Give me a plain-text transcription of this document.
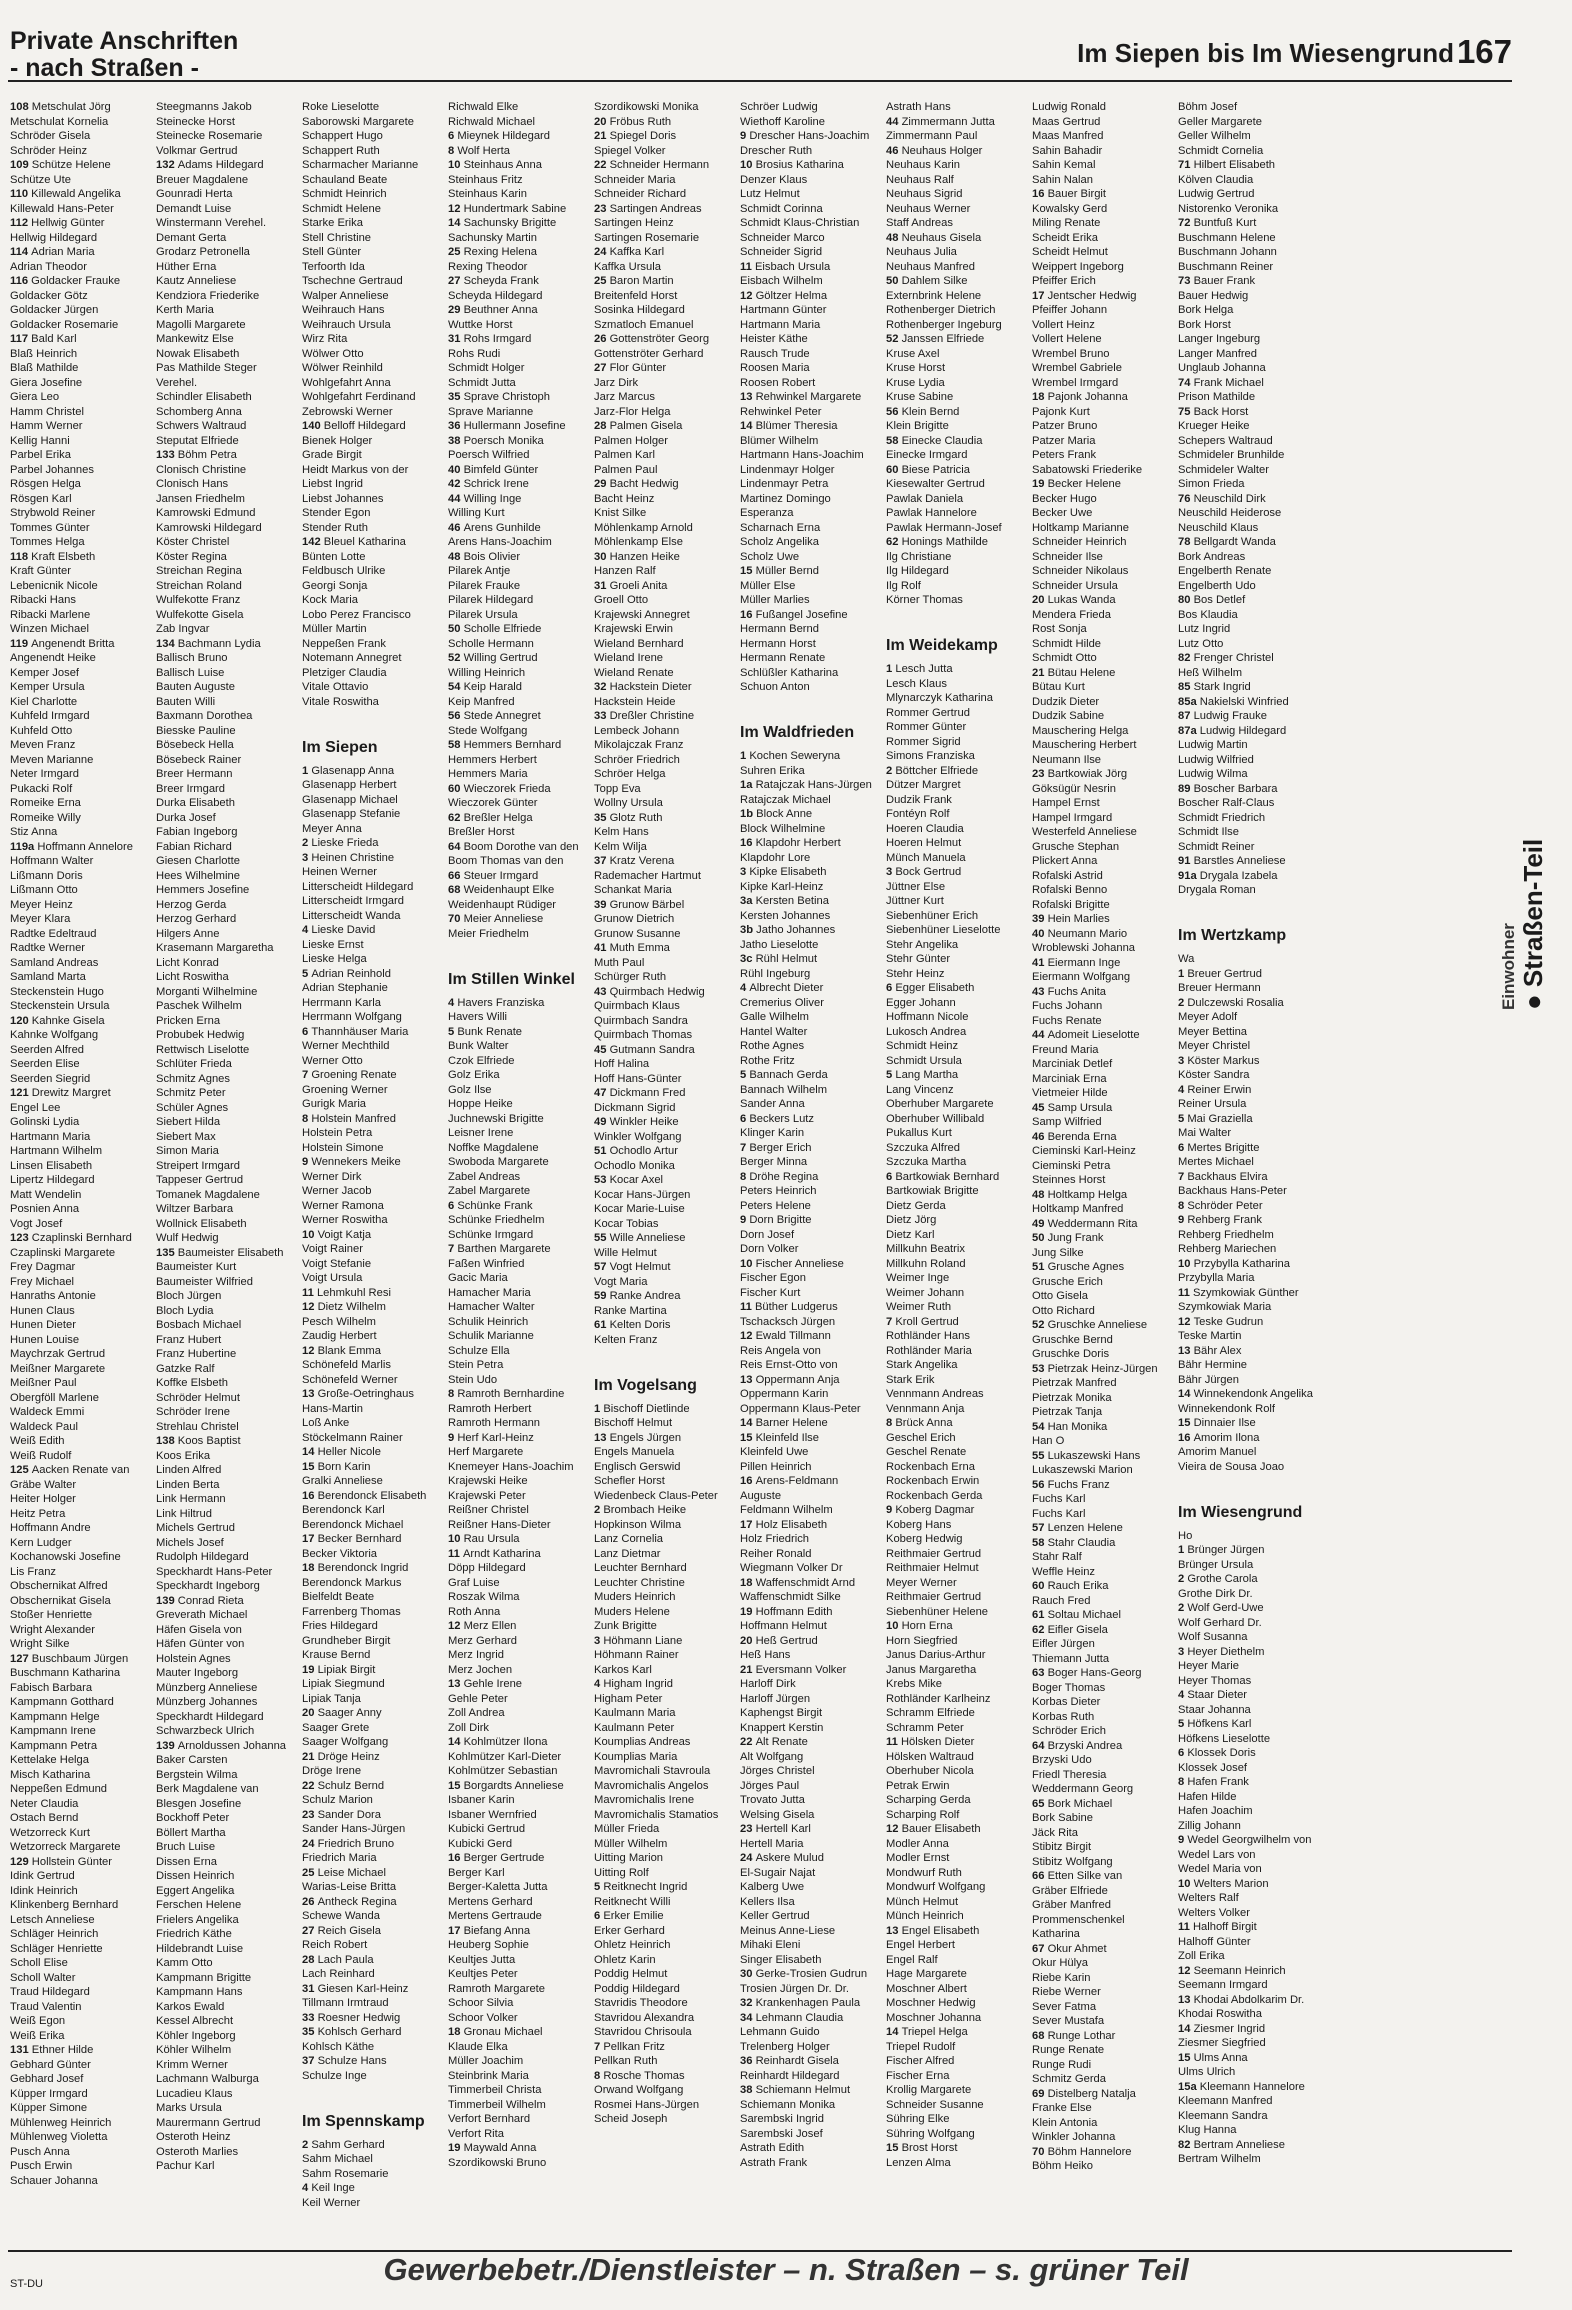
Private Anschriften
- nach Straßen -	Im Siepen bis Im Wiesengrund 167
108 Metschulat Jörg
Metschulat Kornelia
Schröder Gisela
Schröder Heinz
109 Schütze Helene
Schütze Ute
110 Killewald Angelika
Killewald Hans-Peter
112 Hellwig Günter
Hellwig Hildegard
114 Adrian Maria
Adrian Theodor
116 Goldacker Frauke
Goldacker Götz
Goldacker Jürgen
Goldacker Rosemarie
117 Bald Karl
Blaß Heinrich
Blaß Mathilde
Giera Josefine
Giera Leo
Hamm Christel
Hamm Werner
Kellig Hanni
Parbel Erika
Parbel Johannes
Rösgen Helga
Rösgen Karl
Strybwold Reiner
Tommes Günter
Tommes Helga
118 Kraft Elsbeth
Kraft Günter
Lebenicnik Nicole
Ribacki Hans
Ribacki Marlene
Winzen Michael
119 Angenendt Britta
Angenendt Heike
Kemper Josef
Kemper Ursula
Kiel Charlotte
Kuhfeld Irmgard
Kuhfeld Otto
Meven Franz
Meven Marianne
Neter Irmgard
Pukacki Rolf
Romeike Erna
Romeike Willy
Stiz Anna
119a Hoffmann Annelore
Hoffmann Walter
Lißmann Doris
Lißmann Otto
Meyer Heinz
Meyer Klara
Radtke Edeltraud
Radtke Werner
Samland Andreas
Samland Marta
Steckenstein Hugo
Steckenstein Ursula
120 Kahnke Gisela
Kahnke Wolfgang
Seerden Alfred
Seerden Elise
Seerden Siegrid
121 Drewitz Margret
Engel Lee
Golinski Lydia
Hartmann Maria
Hartmann Wilhelm
Linsen Elisabeth
Lipertz Hildegard
Matt Wendelin
Posnien Anna
Vogt Josef
123 Czaplinski Bernhard
Czaplinski Margarete
Frey Dagmar
Frey Michael
Hanraths Antonie
Hunen Claus
Hunen Dieter
Hunen Louise
Maychrzak Gertrud
Meißner Margarete
Meißner Paul
Obergföll Marlene
Waldeck Emmi
Waldeck Paul
Weiß Edith
Weiß Rudolf
125 Aacken Renate van
Gräbe Walter
Heiter Holger
Heitz Petra
Hoffmann Andre
Kern Ludger
Kochanowski Josefine
Lis Franz
Obschernikat Alfred
Obschernikat Gisela
Stoßer Henriette
Wright Alexander
Wright Silke
127 Buschbaum Jürgen
Buschmann Katharina
Fabisch Barbara
Kampmann Gotthard
Kampmann Helge
Kampmann Irene
Kampmann Petra
Kettelake Helga
Misch Katharina
Neppeßen Edmund
Neter Claudia
Ostach Bernd
Wetzorreck Kurt
Wetzorreck Margarete
129 Hollstein Günter
Idink Gertrud
Idink Heinrich
Klinkenberg Bernhard
Letsch Anneliese
Schläger Heinrich
Schläger Henriette
Scholl Elise
Scholl Walter
Traud Hildegard
Traud Valentin
Weiß Egon
Weiß Erika
131 Ethner Hilde
Gebhard Günter
Gebhard Josef
Küpper Irmgard
Küpper Simone
Mühlenweg Heinrich
Mühlenweg Violetta
Pusch Anna
Pusch Erwin
Schauer Johanna
Steegmanns Jakob
Steinecke Horst
Steinecke Rosemarie
Volkmar Gertrud
132 Adams Hildegard
Breuer Magdalene
Gounradi Herta
Demandt Luise
Winstermann Verehel.
Demant Gerta
Grodarz Petronella
Hüther Erna
Kautz Anneliese
Kendziora Friederike
Kerth Maria
Magolli Margarete
Mankewitz Else
Nowak Elisabeth
Pas Mathilde Steger
Verehel.
Schindler Elisabeth
Schomberg Anna
Schwers Waltraud
Steputat Elfriede
133 Böhm Petra
Clonisch Christine
Clonisch Hans
Jansen Friedhelm
Kamrowski Edmund
Kamrowski Hildegard
Köster Christel
Köster Regina
Streichan Regina
Streichan Roland
Wulfekotte Franz
Wulfekotte Gisela
Zab Ingvar
134 Bachmann Lydia
Ballisch Bruno
Ballisch Luise
Bauten Auguste
Bauten Willi
Baxmann Dorothea
Biesske Pauline
Bösebeck Hella
Bösebeck Rainer
Breer Hermann
Breer Irmgard
Durka Elisabeth
Durka Josef
Fabian Ingeborg
Fabian Richard
Giesen Charlotte
Hees Wilhelmine
Hemmers Josefine
Herzog Gerda
Herzog Gerhard
Hilgers Anne
Krasemann Margaretha
Licht Konrad
Licht Roswitha
Morganti Wilhelmine
Paschek Wilhelm
Pricken Erna
Probubek Hedwig
Rettwisch Liselotte
Schlüter Frieda
Schmitz Agnes
Schmitz Peter
Schüler Agnes
Siebert Hilda
Siebert Max
Simon Maria
Streipert Irmgard
Tappeser Gertrud
Tomanek Magdalene
Wiltzer Barbara
Wollnick Elisabeth
Wulf Hedwig
135 Baumeister Elisabeth
Baumeister Kurt
Baumeister Wilfried
Bloch Jürgen
Bloch Lydia
Bosbach Michael
Franz Hubert
Franz Hubertine
Gatzke Ralf
Koffke Elsbeth
Schröder Helmut
Schröder Irene
Strehlau Christel
138 Koos Baptist
Koos Erika
Linden Alfred
Linden Berta
Link Hermann
Link Hiltrud
Michels Gertrud
Michels Josef
Rudolph Hildegard
Speckhardt Hans-Peter
Speckhardt Ingeborg
139 Conrad Rieta
Greverath Michael
Häfen Gisela von
Häfen Günter von
Holstein Agnes
Mauter Ingeborg
Münzberg Anneliese
Münzberg Johannes
Speckhardt Hildegard
Schwarzbeck Ulrich
139 Arnoldussen Johanna
Baker Carsten
Bergstein Wilma
Berk Magdalene van
Blesgen Josefine
Bockhoff Peter
Böllert Martha
Bruch Luise
Dissen Erna
Dissen Heinrich
Eggert Angelika
Ferschen Helene
Frielers Angelika
Friedrich Käthe
Hildebrandt Luise
Kamm Otto
Kampmann Brigitte
Kampmann Hans
Karkos Ewald
Kessel Albrecht
Köhler Ingeborg
Köhler Wilhelm
Krimm Werner
Lachmann Walburga
Lucadieu Klaus
Marks Ursula
Maurermann Gertrud
Osteroth Heinz
Osteroth Marlies
Pachur Karl
Roke Lieselotte
Saborowski Margarete
Schappert Hugo
Schappert Ruth
Scharmacher Marianne
Schauland Beate
Schmidt Heinrich
Schmidt Helene
Starke Erika
Stell Christine
Stell Günter
Terfoorth Ida
Tschechne Gertraud
Walper Anneliese
Weihrauch Hans
Weihrauch Ursula
Wirz Rita
Wölwer Otto
Wölwer Reinhild
Wohlgefahrt Anna
Wohlgefahrt Ferdinand
Zebrowski Werner
140 Belloff Hildegard
Bienek Holger
Grade Birgit
Heidt Markus von der
Liebst Ingrid
Liebst Johannes
Stender Egon
Stender Ruth
142 Bleuel Katharina
Bünten Lotte
Feldbusch Ulrike
Georgi Sonja
Kock Maria
Lobo Perez Francisco
Müller Martin
Neppeßen Frank
Notemann Annegret
Pletziger Claudia
Vitale Ottavio
Vitale Roswitha

Im Siepen
1 Glasenapp Anna
Glasenapp Herbert
Glasenapp Michael
Glasenapp Stefanie
Meyer Anna
2 Lieske Frieda
3 Heinen Christine
Heinen Werner
Litterscheidt Hildegard
Litterscheidt Irmgard
Litterscheidt Wanda
4 Lieske David
Lieske Ernst
Lieske Helga
5 Adrian Reinhold
Adrian Stephanie
Herrmann Karla
Herrmann Wolfgang
6 Thannhäuser Maria
Werner Mechthild
Werner Otto
7 Groening Renate
Groening Werner
Gurigk Maria
8 Holstein Manfred
Holstein Petra
Holstein Simone
9 Wennekers Meike
Werner Dirk
Werner Jacob
Werner Ramona
Werner Roswitha
10 Voigt Katja
Voigt Rainer
Voigt Stefanie
Voigt Ursula
11 Lehmkuhl Resi
12 Dietz Wilhelm
Pesch Wilhelm
Zaudig Herbert
12 Blank Emma
Schönefeld Marlis
Schönefeld Werner
13 Große-Oetringhaus
Hans-Martin
Loß Anke
Stöckelmann Rainer
14 Heller Nicole
15 Born Karin
Gralki Anneliese
16 Berendonck Elisabeth
Berendonck Karl
Berendonck Michael
17 Becker Bernhard
Becker Viktoria
18 Berendonck Ingrid
Berendonck Markus
Bielfeldt Beate
Farrenberg Thomas
Fries Hildegard
Grundheber Birgit
Krause Bernd
19 Lipiak Birgit
Lipiak Siegmund
Lipiak Tanja
20 Saager Anny
Saager Grete
Saager Wolfgang
21 Dröge Heinz
Dröge Irene
22 Schulz Bernd
Schulz Marion
23 Sander Dora
Sander Hans-Jürgen
24 Friedrich Bruno
Friedrich Maria
25 Leise Michael
Warias-Leise Britta
26 Antheck Regina
Schewe Wanda
27 Reich Gisela
Reich Robert
28 Lach Paula
Lach Reinhard
31 Giesen Karl-Heinz
Tillmann Irmtraud
33 Roesner Hedwig
35 Kohlsch Gerhard
Kohlsch Käthe
37 Schulze Hans
Schulze Inge

Im Spennskamp
2 Sahm Gerhard
Sahm Michael
Sahm Rosemarie
4 Keil Inge
Keil Werner
Richwald Elke
Richwald Michael
6 Mieynek Hildegard
8 Wolf Herta
10 Steinhaus Anna
Steinhaus Fritz
Steinhaus Karin
12 Hundertmark Sabine
14 Sachunsky Brigitte
Sachunsky Martin
25 Rexing Helena
Rexing Theodor
27 Scheyda Frank
Scheyda Hildegard
29 Beuthner Anna
Wuttke Horst
31 Rohs Irmgard
Rohs Rudi
Schmidt Holger
Schmidt Jutta
35 Sprave Christoph
Sprave Marianne
36 Hullermann Josefine
38 Poersch Monika
Poersch Wilfried
40 Bimfeld Günter
42 Schrick Irene
44 Willing Inge
Willing Kurt
46 Arens Gunhilde
Arens Hans-Joachim
48 Bois Olivier
Pilarek Antje
Pilarek Frauke
Pilarek Hildegard
Pilarek Ursula
50 Scholle Elfriede
Scholle Hermann
52 Willing Gertrud
Willing Heinrich
54 Keip Harald
Keip Manfred
56 Stede Annegret
Stede Wolfgang
58 Hemmers Bernhard
Hemmers Herbert
Hemmers Maria
60 Wieczorek Frieda
Wieczorek Günter
62 Breßler Helga
Breßler Horst
64 Boom Dorothe van den
Boom Thomas van den
66 Steuer Irmgard
68 Weidenhaupt Elke
Weidenhaupt Rüdiger
70 Meier Anneliese
Meier Friedhelm

Im Stillen Winkel
4 Havers Franziska
Havers Willi
5 Bunk Renate
Bunk Walter
Czok Elfriede
Golz Erika
Golz Ilse
Hoppe Heike
Juchnewski Brigitte
Leisner Irene
Noffke Magdalene
Swoboda Margarete
Zabel Andreas
Zabel Margarete
6 Schünke Frank
Schünke Friedhelm
Schünke Irmgard
7 Barthen Margarete
Faßen Winfried
Gacic Maria
Hamacher Maria
Hamacher Walter
Schulik Heinrich
Schulik Marianne
Schulze Ella
Stein Petra
Stein Udo
8 Ramroth Bernhardine
Ramroth Herbert
Ramroth Hermann
9 Herf Karl-Heinz
Herf Margarete
Knemeyer Hans-Joachim
Krajewski Heike
Krajewski Peter
Reißner Christel
Reißner Hans-Dieter
10 Rau Ursula
11 Arndt Katharina
Döpp Hildegard
Graf Luise
Roszak Wilma
Roth Anna
12 Merz Ellen
Merz Gerhard
Merz Ingrid
Merz Jochen
13 Gehle Irene
Gehle Peter
Zoll Andrea
Zoll Dirk
14 Kohlmützer Ilona
Kohlmützer Karl-Dieter
Kohlmützer Sebastian
15 Borgardts Anneliese
Isbaner Karin
Isbaner Wernfried
Kubicki Gertrud
Kubicki Gerd
16 Berger Gertrude
Berger Karl
Berger-Kaletta Jutta
Mertens Gerhard
Mertens Gertraude
17 Biefang Anna
Heuberg Sophie
Keultjes Jutta
Keultjes Peter
Ramroth Margarete
Schoor Silvia
Schoor Volker
18 Gronau Michael
Klaude Elka
Müller Joachim
Steinbrink Maria
Timmerbeil Christa
Timmerbeil Wilhelm
Verfort Bernhard
Verfort Rita
19 Maywald Anna
Szordikowski Bruno
Szordikowski Monika
20 Fröbus Ruth
21 Spiegel Doris
Spiegel Volker
22 Schneider Hermann
Schneider Maria
Schneider Richard
23 Sartingen Andreas
Sartingen Heinz
Sartingen Rosemarie
24 Kaffka Karl
Kaffka Ursula
25 Baron Martin
Breitenfeld Horst
Sosinka Hildegard
Szmatloch Emanuel
26 Gottenströter Georg
Gottenströter Gerhard
27 Flor Günter
Jarz Dirk
Jarz Marcus
Jarz-Flor Helga
28 Palmen Gisela
Palmen Holger
Palmen Karl
Palmen Paul
29 Bacht Hedwig
Bacht Heinz
Knist Silke
Möhlenkamp Arnold
Möhlenkamp Else
30 Hanzen Heike
Hanzen Ralf
31 Groeli Anita
Groell Otto
Krajewski Annegret
Krajewski Erwin
Wieland Bernhard
Wieland Irene
Wieland Renate
32 Hackstein Dieter
Hackstein Heide
33 Dreßler Christine
Lembeck Johann
Mikolajczak Franz
Schröer Friedrich
Schröer Helga
Topp Eva
Wollny Ursula
35 Glotz Ruth
Kelm Hans
Kelm Wilja
37 Kratz Verena
Rademacher Hartmut
Schankat Maria
39 Grunow Bärbel
Grunow Dietrich
Grunow Susanne
41 Muth Emma
Muth Paul
Schürger Ruth
43 Quirmbach Hedwig
Quirmbach Klaus
Quirmbach Sandra
Quirmbach Thomas
45 Gutmann Sandra
Hoff Halina
Hoff Hans-Günter
47 Dickmann Fred
Dickmann Sigrid
49 Winkler Heike
Winkler Wolfgang
51 Ochodlo Artur
Ochodlo Monika
53 Kocar Axel
Kocar Hans-Jürgen
Kocar Marie-Luise
Kocar Tobias
55 Wille Anneliese
Wille Helmut
57 Vogt Helmut
Vogt Maria
59 Ranke Andrea
Ranke Martina
61 Kelten Doris
Kelten Franz

Im Vogelsang
1 Bischoff Dietlinde
Bischoff Helmut
13 Engels Jürgen
Engels Manuela
Englisch Gerswid
Schefler Horst
Wiedenbeck Claus-Peter
2 Brombach Heike
Hopkinson Wilma
Lanz Cornelia
Lanz Dietmar
Leuchter Bernhard
Leuchter Christine
Muders Heinrich
Muders Helene
Zunk Brigitte
3 Höhmann Liane
Höhmann Rainer
Karkos Karl
4 Higham Ingrid
Higham Peter
Kaulmann Maria
Kaulmann Peter
Koumplias Andreas
Koumplias Maria
Mavromichali Stavroula
Mavromichalis Angelos
Mavromichalis Irene
Mavromichalis Stamatios
Müller Frieda
Müller Wilhelm
Uitting Marion
Uitting Rolf
5 Reitknecht Ingrid
Reitknecht Willi
6 Erker Emilie
Erker Gerhard
Ohletz Heinrich
Ohletz Karin
Poddig Helmut
Poddig Hildegard
Stavridis Theodore
Stavridou Alexandra
Stavridou Chrisoula
7 Pellkan Fritz
Pellkan Ruth
8 Rosche Thomas
Orwand Wolfgang
Rosmei Hans-Jürgen
Scheid Joseph
Schröer Ludwig
Wiethoff Karoline
9 Drescher Hans-Joachim
Drescher Ruth
10 Brosius Katharina
Denzer Klaus
Lutz Helmut
Schmidt Corinna
Schmidt Klaus-Christian
Schneider Marco
Schneider Sigrid
11 Eisbach Ursula
Eisbach Wilhelm
12 Göltzer Helma
Hartmann Günter
Hartmann Maria
Heister Käthe
Rausch Trude
Roosen Maria
Roosen Robert
13 Rehwinkel Margarete
Rehwinkel Peter
14 Blümer Theresia
Blümer Wilhelm
Hartmann Hans-Joachim
Lindenmayr Holger
Lindenmayr Petra
Martinez Domingo
Esperanza
Scharnach Erna
Scholz Angelika
Scholz Uwe
15 Müller Bernd
Müller Else
Müller Marlies
16 Fußangel Josefine
Hermann Bernd
Hermann Horst
Hermann Renate
Schlüßler Katharina
Schuon Anton

Im Waldfrieden
1 Kochen Seweryna
Suhren Erika
1a Ratajczak Hans-Jürgen
Ratajczak Michael
1b Block Anne
Block Wilhelmine
16 Klapdohr Herbert
Klapdohr Lore
3 Kipke Elisabeth
Kipke Karl-Heinz
3a Kersten Betina
Kersten Johannes
3b Jatho Johannes
Jatho Lieselotte
3c Rühl Helmut
Rühl Ingeburg
4 Albrecht Dieter
Cremerius Oliver
Galle Wilhelm
Hantel Walter
Rothe Agnes
Rothe Fritz
5 Bannach Gerda
Bannach Wilhelm
Sander Anna
6 Beckers Lutz
Klinger Karin
7 Berger Erich
Berger Minna
8 Dröhe Regina
Peters Heinrich
Peters Helene
9 Dorn Brigitte
Dorn Josef
Dorn Volker
10 Fischer Anneliese
Fischer Egon
Fischer Kurt
11 Büther Ludgerus
Tschacksch Jürgen
12 Ewald Tillmann
Reis Angela von
Reis Ernst-Otto von
13 Oppermann Anja
Oppermann Karin
Oppermann Klaus-Peter
14 Barner Helene
15 Kleinfeld Ilse
Kleinfeld Uwe
Pillen Heinrich
16 Arens-Feldmann
Auguste
Feldmann Wilhelm
17 Holz Elisabeth
Holz Friedrich
Reiher Ronald
Wiegmann Volker Dr
18 Waffenschmidt Arnd
Waffenschmidt Silke
19 Hoffmann Edith
Hoffmann Helmut
20 Heß Gertrud
Heß Hans
21 Eversmann Volker
Harloff Dirk
Harloff Jürgen
Kaphengst Birgit
Knappert Kerstin
22 Alt Renate
Alt Wolfgang
Jörges Christel
Jörges Paul
Trovato Jutta
Welsing Gisela
23 Hertell Karl
Hertell Maria
24 Askere Mulud
El-Sugair Najat
Kalberg Uwe
Kellers Ilsa
Keller Gertrud
Meinus Anne-Liese
Mihaki Eleni
Singer Elisabeth
30 Gerke-Trosien Gudrun
Trosien Jürgen Dr. Dr.
32 Krankenhagen Paula
34 Lehmann Claudia
Lehmann Guido
Trelenberg Holger
36 Reinhardt Gisela
Reinhardt Hildegard
38 Schiemann Helmut
Schiemann Monika
Sarembski Ingrid
Sarembski Josef
Astrath Edith
Astrath Frank
Astrath Hans
44 Zimmermann Jutta
Zimmermann Paul
46 Neuhaus Holger
Neuhaus Karin
Neuhaus Ralf
Neuhaus Sigrid
Neuhaus Werner
Staff Andreas
48 Neuhaus Gisela
Neuhaus Julia
Neuhaus Manfred
50 Dahlem Silke
Externbrink Helene
Rothenberger Dietrich
Rothenberger Ingeburg
52 Janssen Elfriede
Kruse Axel
Kruse Horst
Kruse Lydia
Kruse Sabine
56 Klein Bernd
Klein Brigitte
58 Einecke Claudia
Einecke Irmgard
60 Biese Patricia
Kiesewalter Gertrud
Pawlak Daniela
Pawlak Hannelore
Pawlak Hermann-Josef
62 Honings Mathilde
Ilg Christiane
Ilg Hildegard
Ilg Rolf
Körner Thomas

Im Weidekamp
1 Lesch Jutta
Lesch Klaus
Mlynarczyk Katharina
Rommer Gertrud
Rommer Günter
Rommer Sigrid
Simons Franziska
2 Böttcher Elfriede
Dützer Margret
Dudzik Frank
Fontéyn Rolf
Hoeren Claudia
Hoeren Helmut
Münch Manuela
3 Bock Gertrud
Jüttner Else
Jüttner Kurt
Siebenhüner Erich
Siebenhüner Lieselotte
Stehr Angelika
Stehr Günter
Stehr Heinz
6 Egger Elisabeth
Egger Johann
Hoffmann Nicole
Lukosch Andrea
Schmidt Heinz
Schmidt Ursula
5 Lang Martha
Lang Vincenz
Oberhuber Margarete
Oberhuber Willibald
Pukallus Kurt
Szczuka Alfred
Szczuka Martha
6 Bartkowiak Bernhard
Bartkowiak Brigitte
Dietz Gerda
Dietz Jörg
Dietz Karl
Millkuhn Beatrix
Millkuhn Roland
Weimer Inge
Weimer Johann
Weimer Ruth
7 Kroll Gertrud
Rothländer Hans
Rothländer Maria
Stark Angelika
Stark Erik
Vennmann Andreas
Vennmann Anja
8 Brück Anna
Geschel Erich
Geschel Renate
Rockenbach Erna
Rockenbach Erwin
Rockenbach Gerda
9 Koberg Dagmar
Koberg Hans
Koberg Hedwig
Reithmaier Gertrud
Reithmaier Helmut
Meyer Werner
Reithmaier Gertrud
Siebenhüner Helene
10 Horn Erna
Horn Siegfried
Janus Darius-Arthur
Janus Margaretha
Krebs Mike
Rothländer Karlheinz
Schramm Elfriede
Schramm Peter
11 Hölsken Dieter
Hölsken Waltraud
Oberhuber Nicola
Petrak Erwin
Scharping Gerda
Scharping Rolf
12 Bauer Elisabeth
Modler Anna
Modler Ernst
Mondwurf Ruth
Mondwurf Wolfgang
Münch Helmut
Münch Heinrich
13 Engel Elisabeth
Engel Herbert
Engel Ralf
Hage Margarete
Moschner Albert
Moschner Hedwig
Moschner Johanna
14 Triepel Helga
Triepel Rudolf
Fischer Alfred
Fischer Erna
Krollig Margarete
Schneider Susanne
Sühring Elke
Sühring Wolfgang
15 Brost Horst
Lenzen Alma
Ludwig Ronald
Maas Gertrud
Maas Manfred
Sahin Bahadir
Sahin Kemal
Sahin Nalan
16 Bauer Birgit
Kowalsky Gerd
Miling Renate
Scheidt Erika
Scheidt Helmut
Weippert Ingeborg
Pfeiffer Erich
17 Jentscher Hedwig
Pfeiffer Johann
Vollert Heinz
Vollert Helene
Wrembel Bruno
Wrembel Gabriele
Wrembel Irmgard
18 Pajonk Johanna
Pajonk Kurt
Patzer Bruno
Patzer Maria
Peters Frank
Sabatowski Friederike
19 Becker Helene
Becker Hugo
Becker Uwe
Holtkamp Marianne
Schneider Heinrich
Schneider Ilse
Schneider Nikolaus
Schneider Ursula
20 Lukas Wanda
Mendera Frieda
Rost Sonja
Schmidt Hilde
Schmidt Otto
21 Bütau Helene
Bütau Kurt
Dudzik Dieter
Dudzik Sabine
Mauschering Helga
Mauschering Herbert
Neumann Ilse
23 Bartkowiak Jörg
Göksügür Nesrin
Hampel Ernst
Hampel Irmgard
Westerfeld Anneliese
Grusche Stephan
Plickert Anna
Rofalski Astrid
Rofalski Benno
Rofalski Brigitte
39 Hein Marlies
40 Neumann Mario
Wroblewski Johanna
41 Eiermann Inge
Eiermann Wolfgang
43 Fuchs Anita
Fuchs Johann
Fuchs Renate
44 Adomeit Lieselotte
Freund Maria
Marciniak Detlef
Marciniak Erna
Vietmeier Hilde
45 Samp Ursula
Samp Wilfried
46 Berenda Erna
Cieminski Karl-Heinz
Cieminski Petra
Steinnes Horst
48 Holtkamp Helga
Holtkamp Manfred
49 Weddermann Rita
50 Jung Frank
Jung Silke
51 Grusche Agnes
Grusche Erich
Otto Gisela
Otto Richard
52 Gruschke Anneliese
Gruschke Bernd
Gruschke Doris
53 Pietrzak Heinz-Jürgen
Pietrzak Manfred
Pietrzak Monika
Pietrzak Tanja
54 Han Monika
Han O
55 Lukaszewski Hans
Lukaszewski Marion
56 Fuchs Franz
Fuchs Karl
Fuchs Karl
57 Lenzen Helene
58 Stahr Claudia
Stahr Ralf
Weffle Heinz
60 Rauch Erika
Rauch Fred
61 Soltau Michael
62 Eifler Gisela
Eifler Jürgen
Thiemann Jutta
63 Boger Hans-Georg
Boger Thomas
Korbas Dieter
Korbas Ruth
Schröder Erich
64 Brzyski Andrea
Brzyski Udo
Friedl Theresia
Weddermann Georg
65 Bork Michael
Bork Sabine
Jäck Rita
Stibitz Birgit
Stibitz Wolfgang
66 Etten Silke van
Gräber Elfriede
Gräber Manfred
Prommenschenkel
Katharina
67 Okur Ahmet
Okur Hülya
Riebe Karin
Riebe Werner
Sever Fatma
Sever Mustafa
68 Runge Lothar
Runge Renate
Runge Rudi
Schmitz Gerda
69 Distelberg Natalja
Franke Else
Klein Antonia
Winkler Johanna
70 Böhm Hannelore
Böhm Heiko
Böhm Josef
Geller Margarete
Geller Wilhelm
Schmidt Cornelia
71 Hilbert Elisabeth
Kölven Claudia
Ludwig Gertrud
Nistorenko Veronika
72 Buntfuß Kurt
Buschmann Helene
Buschmann Johann
Buschmann Reiner
73 Bauer Frank
Bauer Hedwig
Bork Helga
Bork Horst
Langer Ingeburg
Langer Manfred
Unglaub Johanna
74 Frank Michael
Prison Mathilde
75 Back Horst
Krueger Heike
Schepers Waltraud
Schmideler Brunhilde
Schmideler Walter
Simon Frieda
76 Neuschild Dirk
Neuschild Heiderose
Neuschild Klaus
78 Bellgardt Wanda
Bork Andreas
Engelberth Renate
Engelberth Udo
80 Bos Detlef
Bos Klaudia
Lutz Ingrid
Lutz Otto
82 Frenger Christel
Heß Wilhelm
85 Stark Ingrid
85a Nakielski Winfried
87 Ludwig Frauke
87a Ludwig Hildegard
Ludwig Martin
Ludwig Wilfried
Ludwig Wilma
89 Boscher Barbara
Boscher Ralf-Claus
Schmidt Friedrich
Schmidt Ilse
Schmidt Reiner
91 Barstles Anneliese
91a Drygala Izabela
Drygala Roman

Im Wertzkamp
Wa
1 Breuer Gertrud
Breuer Hermann
2 Dulczewski Rosalia
Meyer Adolf
Meyer Bettina
Meyer Christel
3 Köster Markus
Köster Sandra
4 Reiner Erwin
Reiner Ursula
5 Mai Graziella
Mai Walter
6 Mertes Brigitte
Mertes Michael
7 Backhaus Elvira
Backhaus Hans-Peter
8 Schröder Peter
9 Rehberg Frank
Rehberg Friedhelm
Rehberg Mariechen
10 Przybylla Katharina
Przybylla Maria
11 Szymkowiak Günther
Szymkowiak Maria
12 Teske Gudrun
Teske Martin
13 Bähr Alex
Bähr Hermine
Bähr Jürgen
14 Winnekendonk Angelika
Winnekendonk Rolf
15 Dinnaier Ilse
16 Amorim Ilona
Amorim Manuel
Vieira de Sousa Joao

Im Wiesengrund
Ho
1 Brünger Jürgen
Brünger Ursula
2 Grothe Carola
Grothe Dirk Dr.
2 Wolf Gerd-Uwe
Wolf Gerhard Dr.
Wolf Susanna
3 Heyer Diethelm
Heyer Marie
Heyer Thomas
4 Staar Dieter
Staar Johanna
5 Höfkens Karl
Höfkens Lieselotte
6 Klossek Doris
Klossek Josef
8 Hafen Frank
Hafen Hilde
Hafen Joachim
Zillig Johann
9 Wedel Georgwilhelm von
Wedel Lars von
Wedel Maria von
10 Welters Marion
Welters Ralf
Welters Volker
11 Halhoff Birgit
Halhoff Günter
Zoll Erika
12 Seemann Heinrich
Seemann Irmgard
13 Khodai Abdolkarim Dr.
Khodai Roswitha
14 Ziesmer Ingrid
Ziesmer Siegfried
15 Ulms Anna
Ulms Ulrich
15a Kleemann Hannelore
Kleemann Manfred
Kleemann Sandra
Klug Hanna
82 Bertram Anneliese
Bertram Wilhelm
Einwohner ● Straßen-Teil
Gewerbebetr./Dienstleister – n. Straßen – s. grüner Teil
ST-DU
